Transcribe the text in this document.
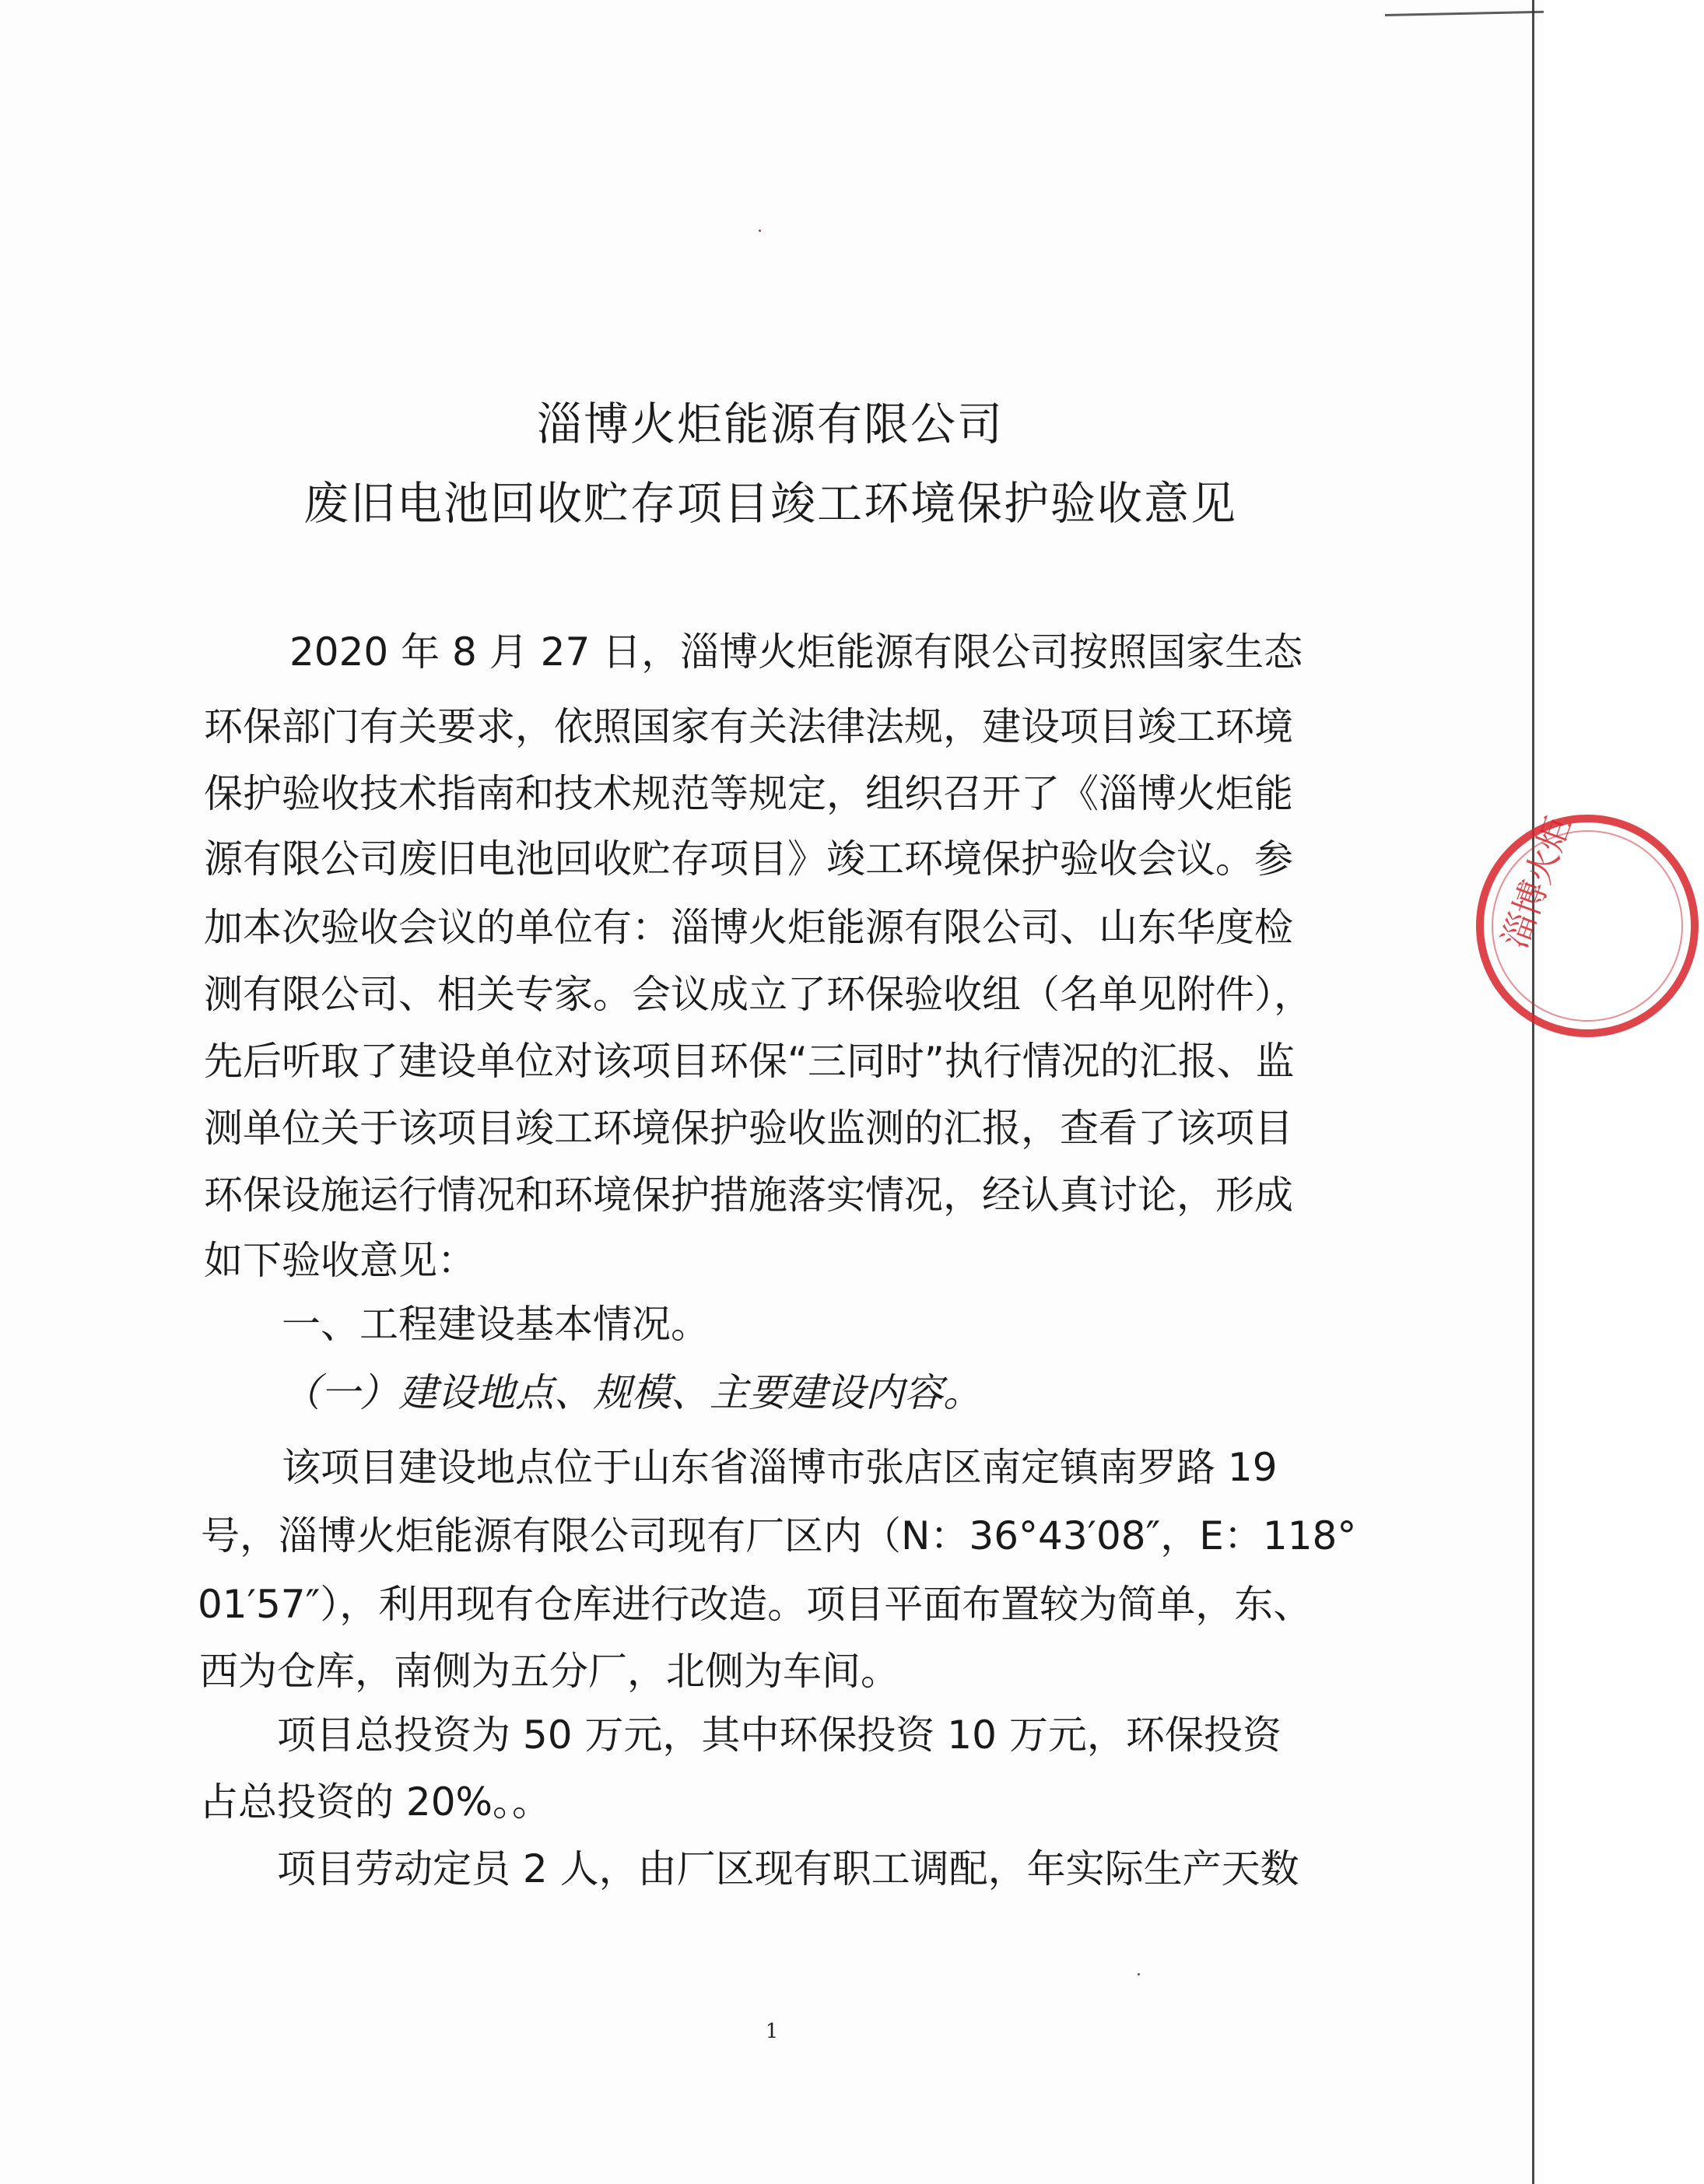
淄博火炬能源有限公司
废旧电池回收贮存项目竣工环境保护验收意见
2020 年 8 月 27 日，淄博火炬能源有限公司按照国家生态
环保部门有关要求，依照国家有关法律法规，建设项目竣工环境
保护验收技术指南和技术规范等规定，组织召开了《淄博火炬能
源有限公司废旧电池回收贮存项目》竣工环境保护验收会议。参
加本次验收会议的单位有：淄博火炬能源有限公司、山东华度检
测有限公司、相关专家。会议成立了环保验收组（名单见附件），
先后听取了建设单位对该项目环保“三同时”执行情况的汇报、监
测单位关于该项目竣工环境保护验收监测的汇报，查看了该项目
环保设施运行情况和环境保护措施落实情况，经认真讨论，形成
如下验收意见：
一、工程建设基本情况。
（一）建设地点、规模、主要建设内容。
该项目建设地点位于山东省淄博市张店区南定镇南罗路 19
号，淄博火炬能源有限公司现有厂区内（N：36°43′08″，E：118°
01′57″），利用现有仓库进行改造。项目平面布置较为简单，东、
西为仓库，南侧为五分厂，北侧为车间。
项目总投资为 50 万元，其中环保投资 10 万元，环保投资
占总投资的 20%。。
项目劳动定员 2 人，由厂区现有职工调配，年实际生产天数
1
淄博火炬
